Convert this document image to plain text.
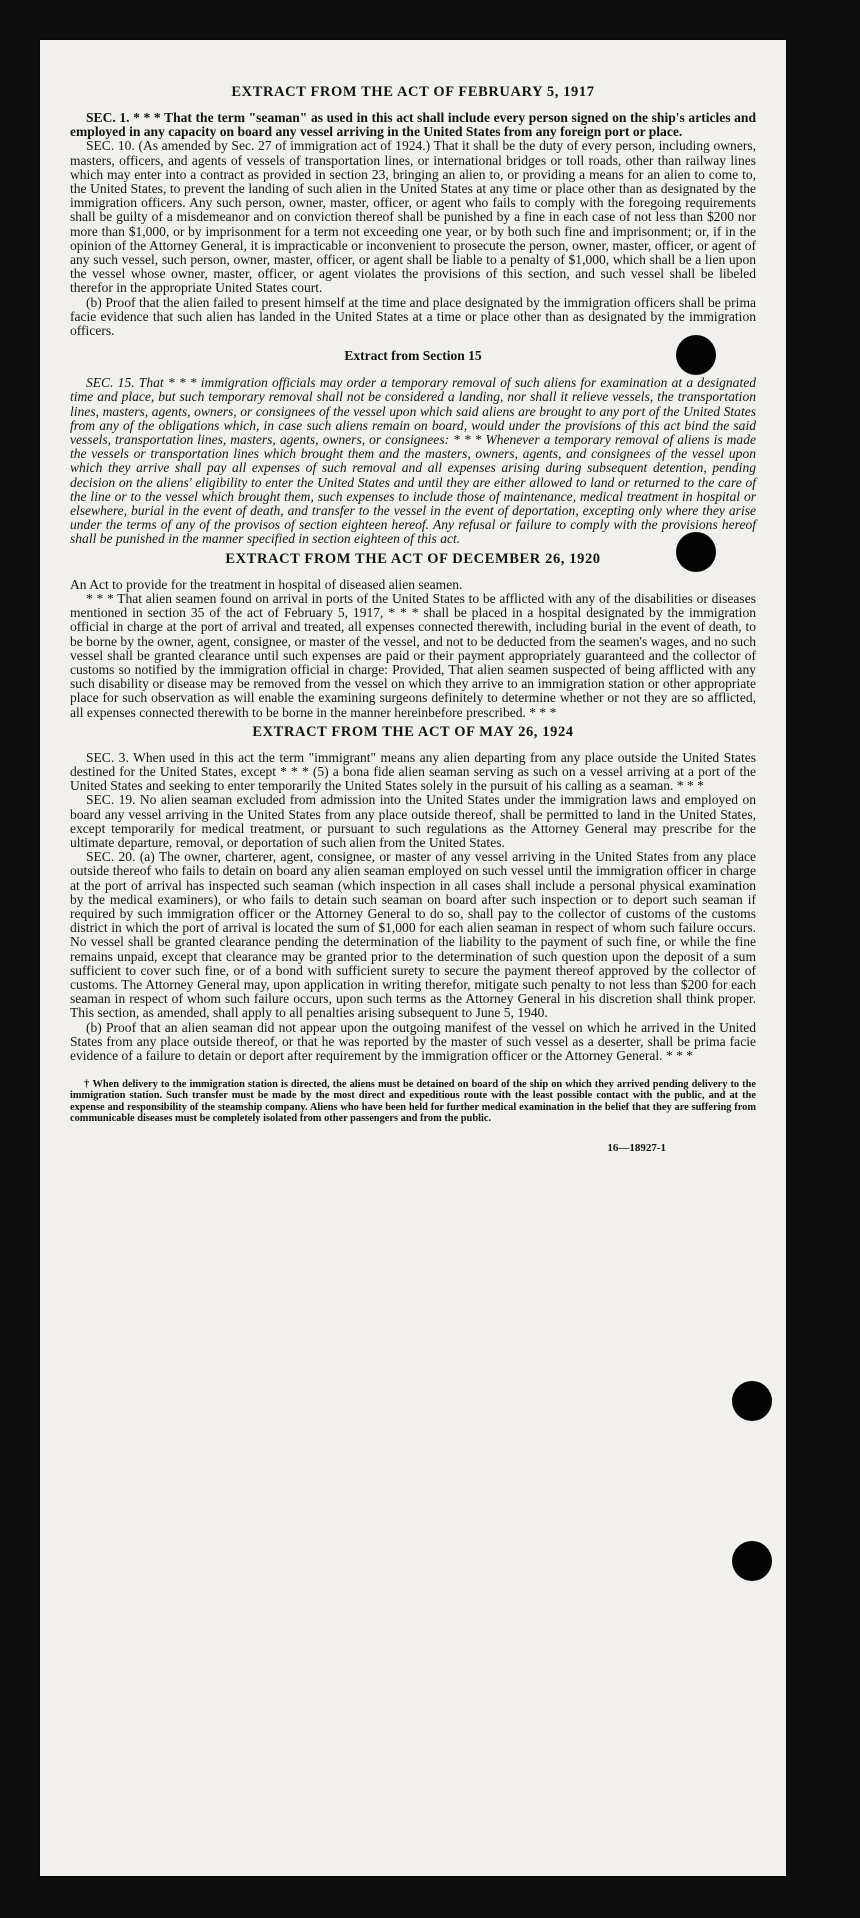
EXTRACT FROM THE ACT OF FEBRUARY 5, 1917

SEC. 1. * * * That the term "seaman" as used in this act shall include every person signed on the ship's articles and employed in any capacity on board any vessel arriving in the United States from any foreign port or place.

SEC. 10. (As amended by Sec. 27 of immigration act of 1924.) That it shall be the duty of every person, including owners, masters, officers, and agents of vessels of transportation lines, or international bridges or toll roads, other than railway lines which may enter into a contract as provided in section 23, bringing an alien to, or providing a means for an alien to come to, the United States, to prevent the landing of such alien in the United States at any time or place other than as designated by the immigration officers. Any such person, owner, master, officer, or agent who fails to comply with the foregoing requirements shall be guilty of a misdemeanor and on conviction thereof shall be punished by a fine in each case of not less than $200 nor more than $1,000, or by imprisonment for a term not exceeding one year, or by both such fine and imprisonment; or, if in the opinion of the Attorney General, it is impracticable or inconvenient to prosecute the person, owner, master, officer, or agent of any such vessel, such person, owner, master, officer, or agent shall be liable to a penalty of $1,000, which shall be a lien upon the vessel whose owner, master, officer, or agent violates the provisions of this section, and such vessel shall be libeled therefor in the appropriate United States court.

(b) Proof that the alien failed to present himself at the time and place designated by the immigration officers shall be prima facie evidence that such alien has landed in the United States at a time or place other than as designated by the immigration officers.

Extract from Section 15

SEC. 15. That * * * immigration officials may order a temporary removal of such aliens for examination at a designated time and place, but such temporary removal shall not be considered a landing, nor shall it relieve vessels, the transportation lines, masters, agents, owners, or consignees of the vessel upon which said aliens are brought to any port of the United States from any of the obligations which, in case such aliens remain on board, would under the provisions of this act bind the said vessels, transportation lines, masters, agents, owners, or consignees: * * * Whenever a temporary removal of aliens is made the vessels or transportation lines which brought them and the masters, owners, agents, and consignees of the vessel upon which they arrive shall pay all expenses of such removal and all expenses arising during subsequent detention, pending decision on the aliens' eligibility to enter the United States and until they are either allowed to land or returned to the care of the line or to the vessel which brought them, such expenses to include those of maintenance, medical treatment in hospital or elsewhere, burial in the event of death, and transfer to the vessel in the event of deportation, excepting only where they arise under the terms of any of the provisos of section eighteen hereof. Any refusal or failure to comply with the provisions hereof shall be punished in the manner specified in section eighteen of this act.

EXTRACT FROM THE ACT OF DECEMBER 26, 1920

An Act to provide for the treatment in hospital of diseased alien seamen.

* * * That alien seamen found on arrival in ports of the United States to be afflicted with any of the disabilities or diseases mentioned in section 35 of the act of February 5, 1917, * * * shall be placed in a hospital designated by the immigration official in charge at the port of arrival and treated, all expenses connected therewith, including burial in the event of death, to be borne by the owner, agent, consignee, or master of the vessel, and not to be deducted from the seamen's wages, and no such vessel shall be granted clearance until such expenses are paid or their payment appropriately guaranteed and the collector of customs so notified by the immigration official in charge: Provided, That alien seamen suspected of being afflicted with any such disability or disease may be removed from the vessel on which they arrive to an immigration station or other appropriate place for such observation as will enable the examining surgeons definitely to determine whether or not they are so afflicted, all expenses connected therewith to be borne in the manner hereinbefore prescribed. * * *

EXTRACT FROM THE ACT OF MAY 26, 1924

SEC. 3. When used in this act the term "immigrant" means any alien departing from any place outside the United States destined for the United States, except * * * (5) a bona fide alien seaman serving as such on a vessel arriving at a port of the United States and seeking to enter temporarily the United States solely in the pursuit of his calling as a seaman. * * *

SEC. 19. No alien seaman excluded from admission into the United States under the immigration laws and employed on board any vessel arriving in the United States from any place outside thereof, shall be permitted to land in the United States, except temporarily for medical treatment, or pursuant to such regulations as the Attorney General may prescribe for the ultimate departure, removal, or deportation of such alien from the United States.

SEC. 20. (a) The owner, charterer, agent, consignee, or master of any vessel arriving in the United States from any place outside thereof who fails to detain on board any alien seaman employed on such vessel until the immigration officer in charge at the port of arrival has inspected such seaman (which inspection in all cases shall include a personal physical examination by the medical examiners), or who fails to detain such seaman on board after such inspection or to deport such seaman if required by such immigration officer or the Attorney General to do so, shall pay to the collector of customs of the customs district in which the port of arrival is located the sum of $1,000 for each alien seaman in respect of whom such failure occurs. No vessel shall be granted clearance pending the determination of the liability to the payment of such fine, or while the fine remains unpaid, except that clearance may be granted prior to the determination of such question upon the deposit of a sum sufficient to cover such fine, or of a bond with sufficient surety to secure the payment thereof approved by the collector of customs. The Attorney General may, upon application in writing therefor, mitigate such penalty to not less than $200 for each seaman in respect of whom such failure occurs, upon such terms as the Attorney General in his discretion shall think proper. This section, as amended, shall apply to all penalties arising subsequent to June 5, 1940.

(b) Proof that an alien seaman did not appear upon the outgoing manifest of the vessel on which he arrived in the United States from any place outside thereof, or that he was reported by the master of such vessel as a deserter, shall be prima facie evidence of a failure to detain or deport after requirement by the immigration officer or the Attorney General. * * *

† When delivery to the immigration station is directed, the aliens must be detained on board of the ship on which they arrived pending delivery to the immigration station. Such transfer must be made by the most direct and expeditious route with the least possible contact with the public, and at the expense and responsibility of the steamship company. Aliens who have been held for further medical examination in the belief that they are suffering from communicable diseases must be completely isolated from other passengers and from the public.

16—18927-1
